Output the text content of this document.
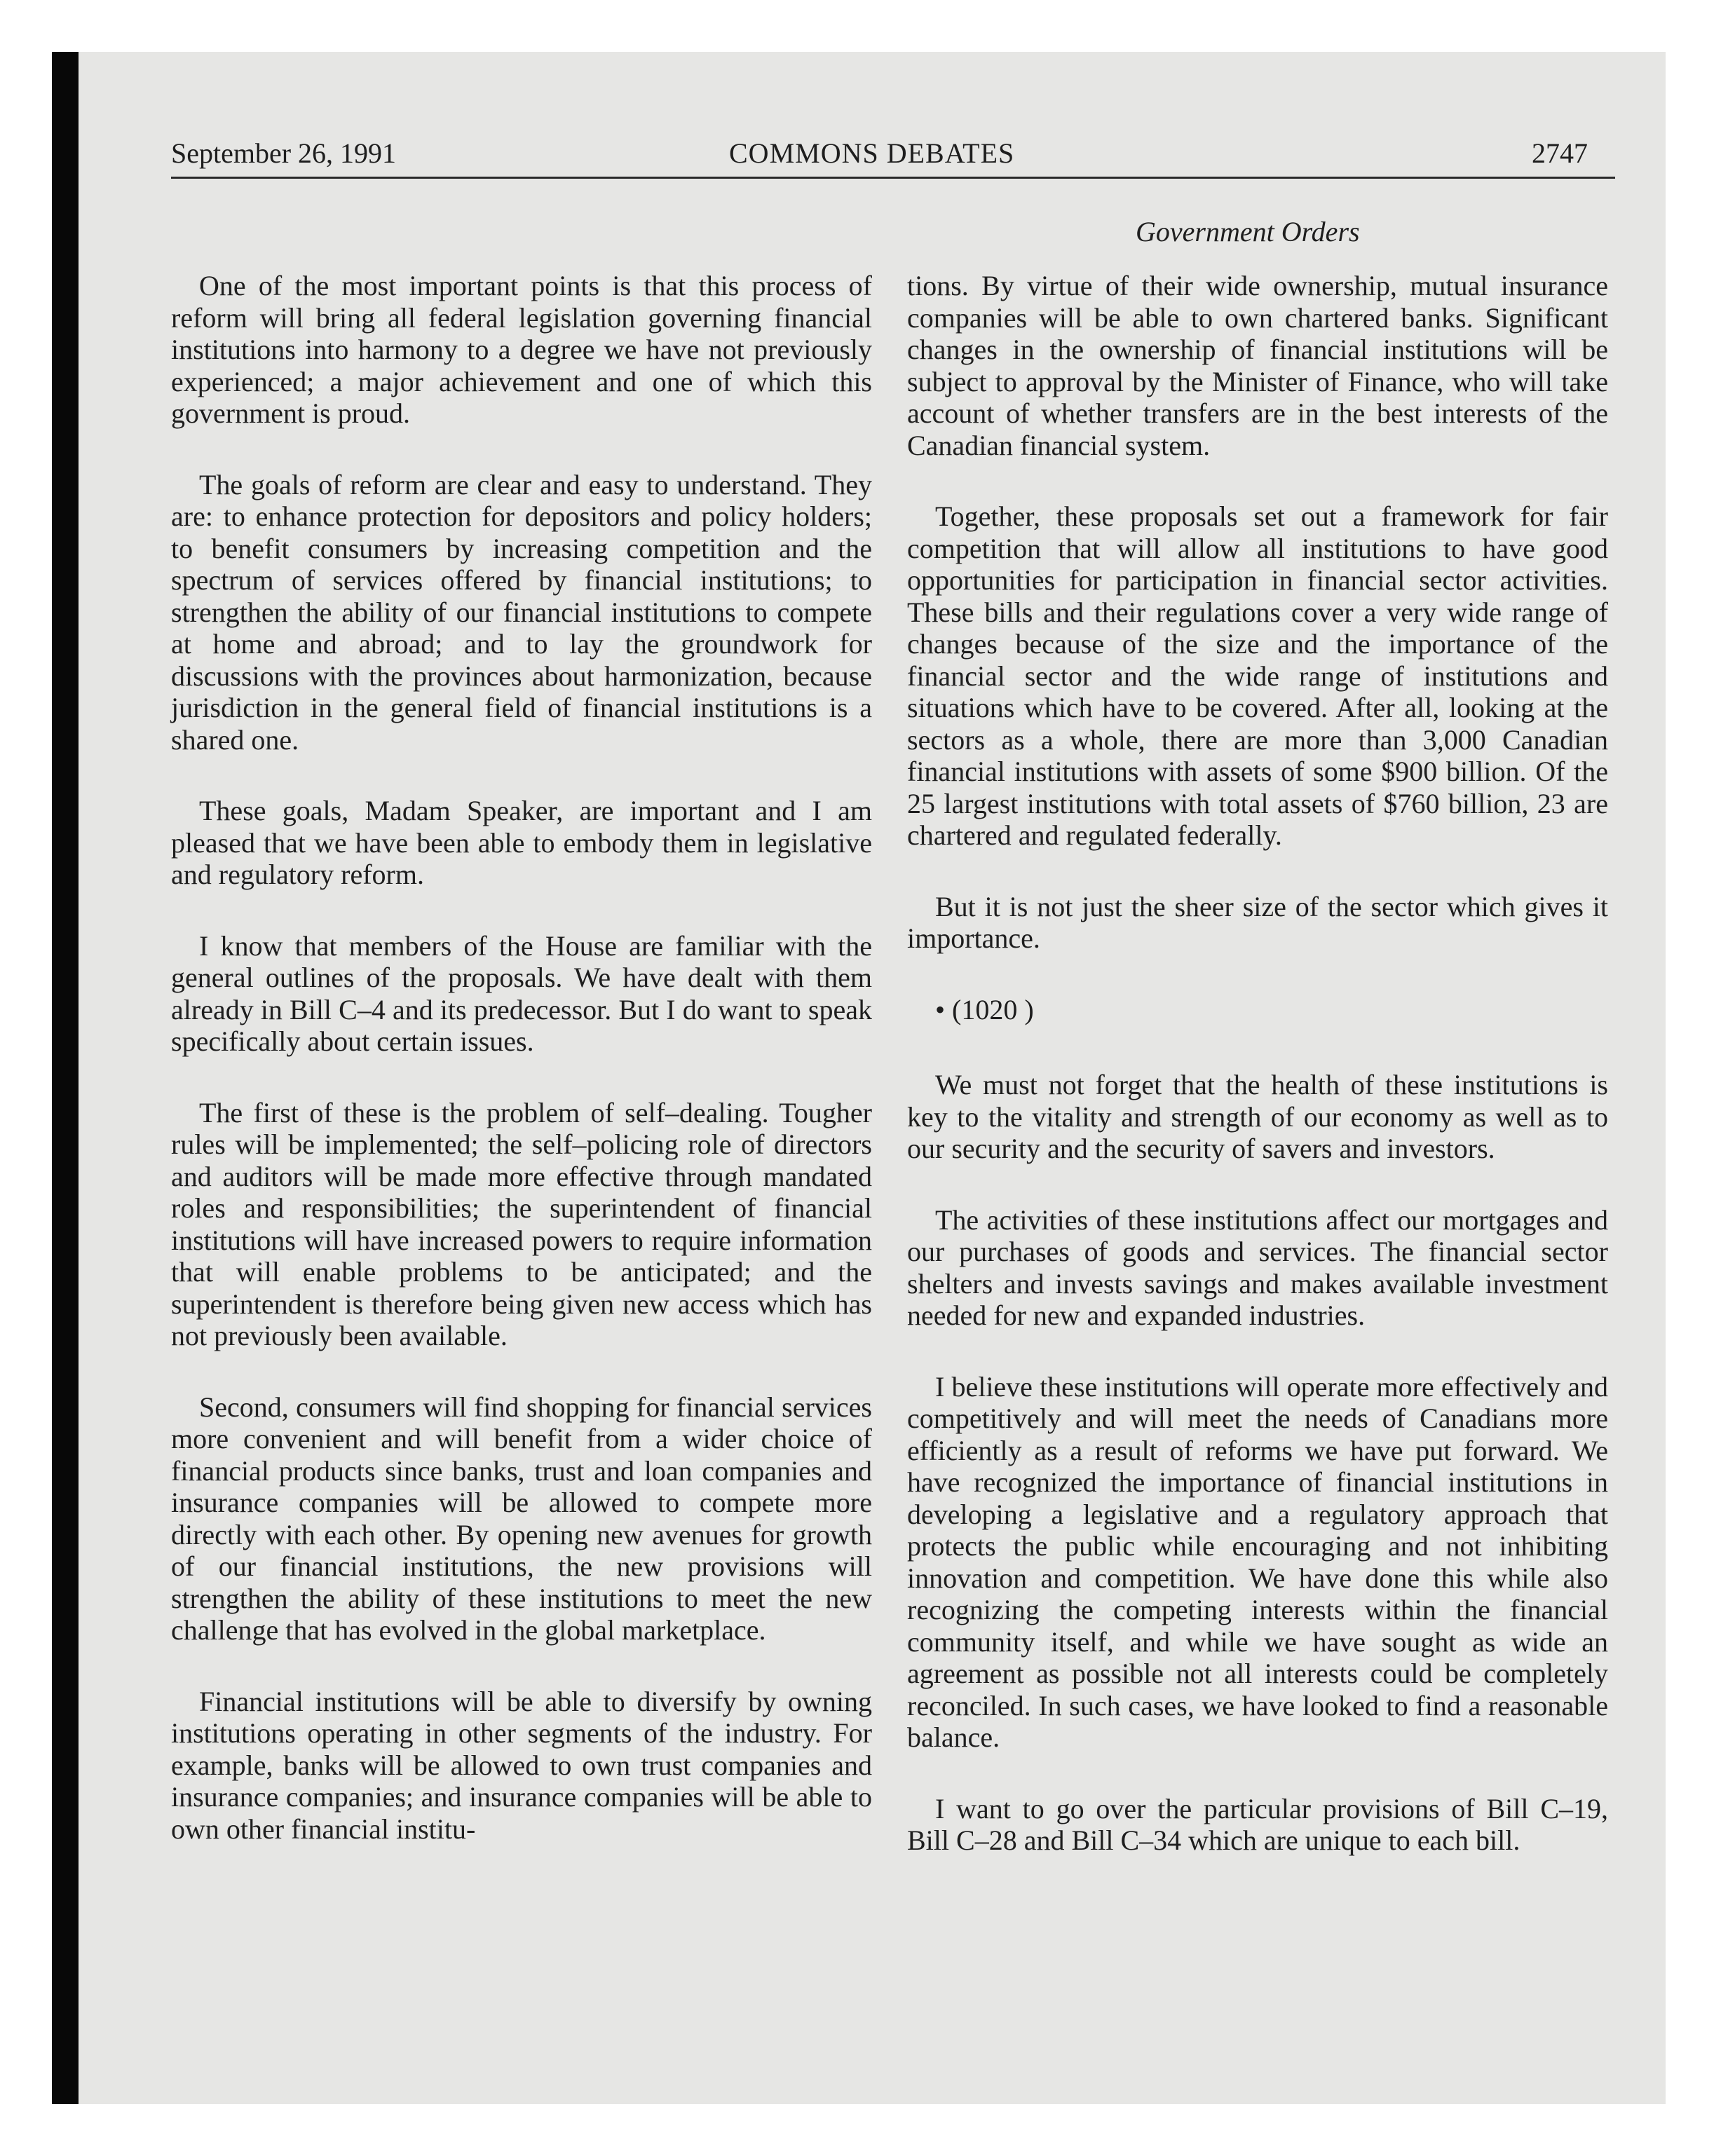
September 26, 1991	COMMONS DEBATES	2747
Government Orders

One of the most important points is that this process of reform will bring all federal legislation governing financial institutions into harmony to a degree we have not previously experienced; a major achievement and one of which this government is proud.

The goals of reform are clear and easy to understand. They are: to enhance protection for depositors and policy holders; to benefit consumers by increasing competition and the spectrum of services offered by financial institutions; to strengthen the ability of our financial institutions to compete at home and abroad; and to lay the groundwork for discussions with the provinces about harmonization, because jurisdiction in the general field of financial institutions is a shared one.

These goals, Madam Speaker, are important and I am pleased that we have been able to embody them in legislative and regulatory reform.

I know that members of the House are familiar with the general outlines of the proposals. We have dealt with them already in Bill C–4 and its predecessor. But I do want to speak specifically about certain issues.

The first of these is the problem of self–dealing. Tougher rules will be implemented; the self–policing role of directors and auditors will be made more effective through mandated roles and responsibilities; the superintendent of financial institutions will have increased powers to require information that will enable problems to be anticipated; and the superintendent is therefore being given new access which has not previously been available.

Second, consumers will find shopping for financial services more convenient and will benefit from a wider choice of financial products since banks, trust and loan companies and insurance companies will be allowed to compete more directly with each other. By opening new avenues for growth of our financial institutions, the new provisions will strengthen the ability of these institutions to meet the new challenge that has evolved in the global marketplace.

Financial institutions will be able to diversify by owning institutions operating in other segments of the industry. For example, banks will be allowed to own trust companies and insurance companies; and insurance companies will be able to own other financial institu-

tions. By virtue of their wide ownership, mutual insurance companies will be able to own chartered banks. Significant changes in the ownership of financial institutions will be subject to approval by the Minister of Finance, who will take account of whether transfers are in the best interests of the Canadian financial system.

Together, these proposals set out a framework for fair competition that will allow all institutions to have good opportunities for participation in financial sector activities. These bills and their regulations cover a very wide range of changes because of the size and the importance of the financial sector and the wide range of institutions and situations which have to be covered. After all, looking at the sectors as a whole, there are more than 3,000 Canadian financial institutions with assets of some $900 billion. Of the 25 largest institutions with total assets of $760 billion, 23 are chartered and regulated federally.

But it is not just the sheer size of the sector which gives it importance.

• (1020 )

We must not forget that the health of these institutions is key to the vitality and strength of our economy as well as to our security and the security of savers and investors.

The activities of these institutions affect our mortgages and our purchases of goods and services. The financial sector shelters and invests savings and makes available investment needed for new and expanded industries.

I believe these institutions will operate more effectively and competitively and will meet the needs of Canadians more efficiently as a result of reforms we have put forward. We have recognized the importance of financial institutions in developing a legislative and a regulatory approach that protects the public while encouraging and not inhibiting innovation and competition. We have done this while also recognizing the competing interests within the financial community itself, and while we have sought as wide an agreement as possible not all interests could be completely reconciled. In such cases, we have looked to find a reasonable balance.

I want to go over the particular provisions of Bill C–19, Bill C–28 and Bill C–34 which are unique to each bill.
